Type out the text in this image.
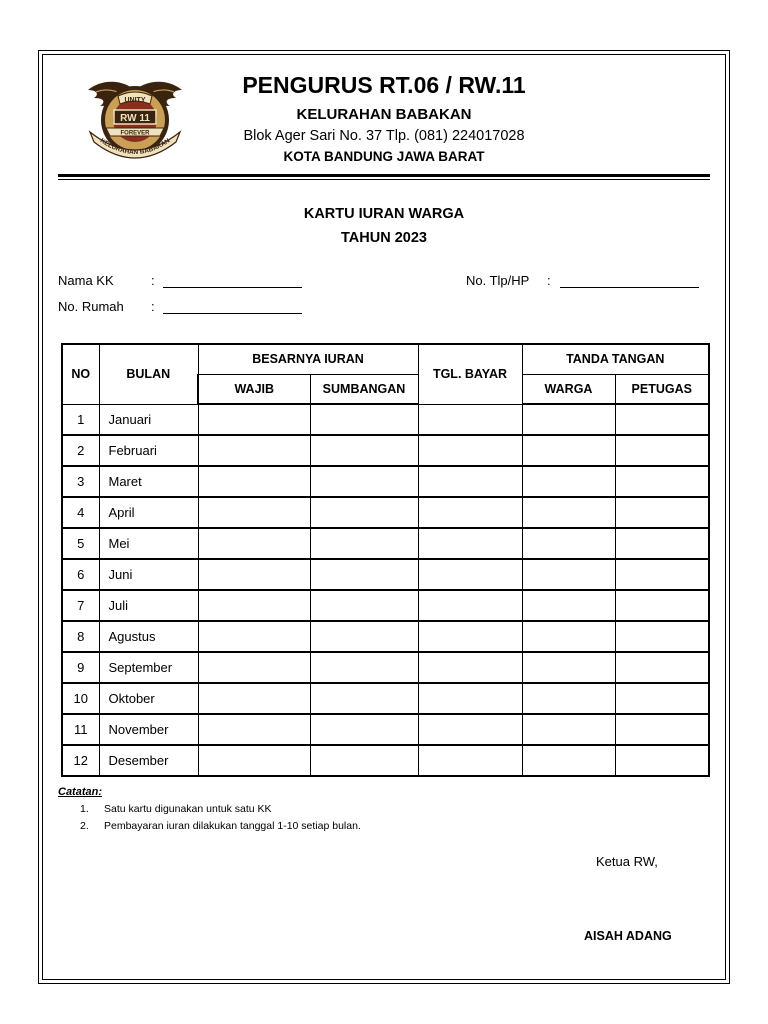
UNITY
RW 11
FOREVER
KELURAHAN BABAKAN
PENGURUS RT.06 / RW.11
KELURAHAN BABAKAN
Blok Ager Sari No. 37 Tlp. (081) 224017028
KOTA BANDUNG JAWA BARAT
KARTU IURAN WARGA
TAHUN 2023
Nama KK	:
No. Rumah :
No. Tlp/HP :
NO	BULAN	BESARNYA IURAN		TGL. BAYAR	TANDA TANGAN	
		WAJIB	SUMBANGAN		WARGA	PETUGAS
1	Januari					
2	Februari					
3	Maret					
4	April					
5	Mei					
6	Juni					
7	Juli					
8	Agustus					
9	September					
10	Oktober					
11	November					
12	Desember					
Catatan:
1. Satu kartu digunakan untuk satu KK
2. Pembayaran iuran dilakukan tanggal 1-10 setiap bulan.
Ketua RW,
AISAH ADANG
